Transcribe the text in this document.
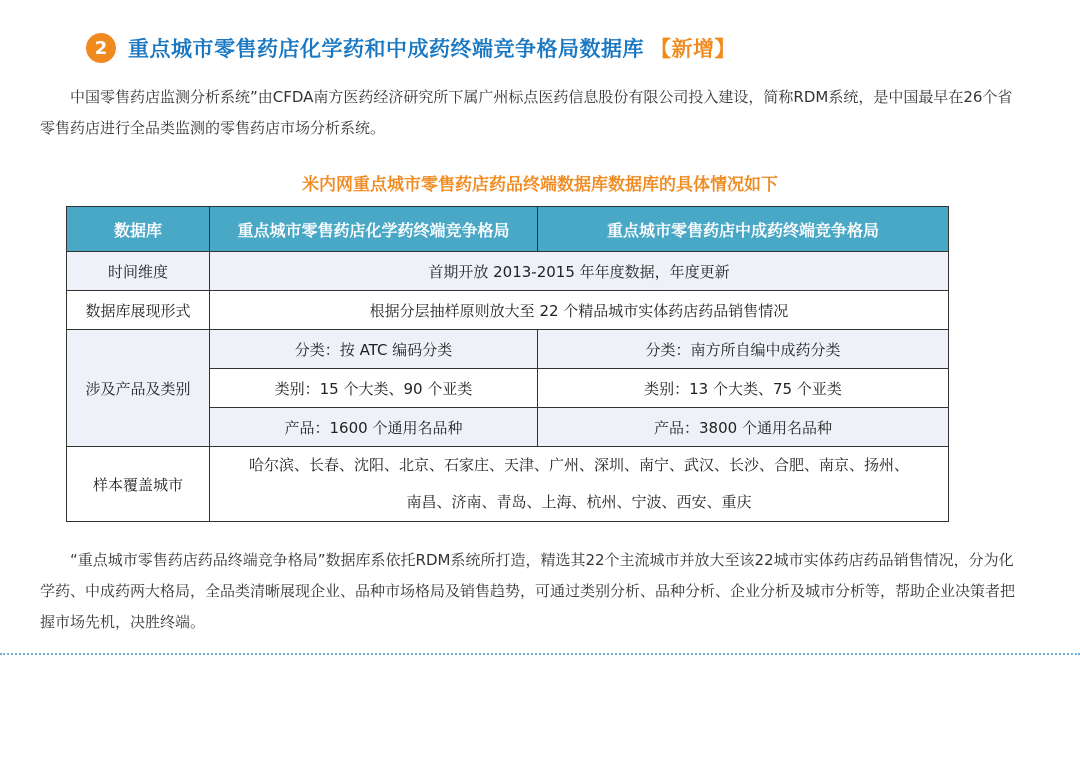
2 重点城市零售药店化学药和中成药终端竞争格局数据库 【新增】

中国零售药店监测分析系统”由CFDA南方医药经济研究所下属广州标点医药信息股份有限公司投入建设，简称RDM系统，是中国最早在26个省零售药店进行全品类监测的零售药店市场分析系统。

米内网重点城市零售药店药品终端数据库数据库的具体情况如下
数据库	重点城市零售药店化学药终端竞争格局	重点城市零售药店中成药终端竞争格局
时间维度	首期开放 2013-2015 年年度数据，年度更新	
数据库展现形式	根据分层抽样原则放大至 22 个精品城市实体药店药品销售情况	
涉及产品及类别	分类：按 ATC 编码分类	分类：南方所自编中成药分类
	类别：15 个大类、90 个亚类	类别：13 个大类、75 个亚类
	产品：1600 个通用名品种	产品：3800 个通用名品种
样本覆盖城市	哈尔滨、长春、沈阳、北京、石家庄、天津、广州、深圳、南宁、武汉、长沙、合肥、南京、扬州、
南昌、济南、青岛、上海、杭州、宁波、西安、重庆	

“重点城市零售药店药品终端竞争格局”数据库系依托RDM系统所打造，精选其22个主流城市并放大至该22城市实体药店药品销售情况，分为化学药、中成药两大格局，全品类清晰展现企业、品种市场格局及销售趋势，可通过类别分析、品种分析、企业分析及城市分析等，帮助企业决策者把握市场先机，决胜终端。
